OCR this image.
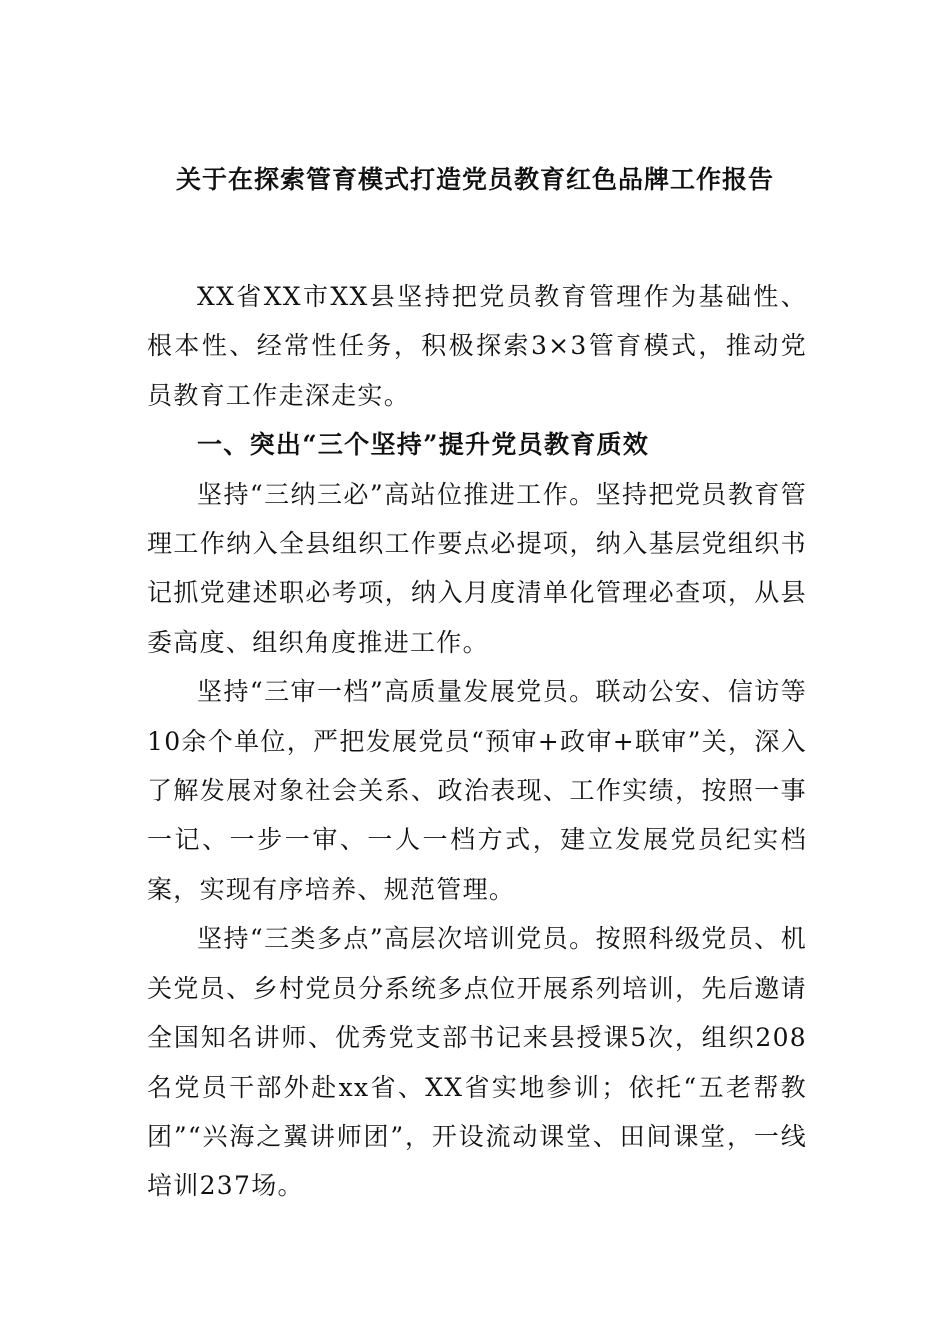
关于在探索管育模式打造党员教育红色品牌工作报告

XX省XX市XX县坚持把党员教育管理作为基础性、根本性、经常性任务，积极探索3×3管育模式，推动党员教育工作走深走实。

一、突出“三个坚持”提升党员教育质效

坚持“三纳三必”高站位推进工作。坚持把党员教育管理工作纳入全县组织工作要点必提项，纳入基层党组织书记抓党建述职必考项，纳入月度清单化管理必查项，从县委高度、组织角度推进工作。

坚持“三审一档”高质量发展党员。联动公安、信访等10余个单位，严把发展党员“预审+政审+联审”关，深入了解发展对象社会关系、政治表现、工作实绩，按照一事一记、一步一审、一人一档方式，建立发展党员纪实档案，实现有序培养、规范管理。

坚持“三类多点”高层次培训党员。按照科级党员、机关党员、乡村党员分系统多点位开展系列培训，先后邀请全国知名讲师、优秀党支部书记来县授课5次，组织208名党员干部外赴xx省、XX省实地参训；依托“五老帮教团”“兴海之翼讲师团”，开设流动课堂、田间课堂，一线培训237场。
